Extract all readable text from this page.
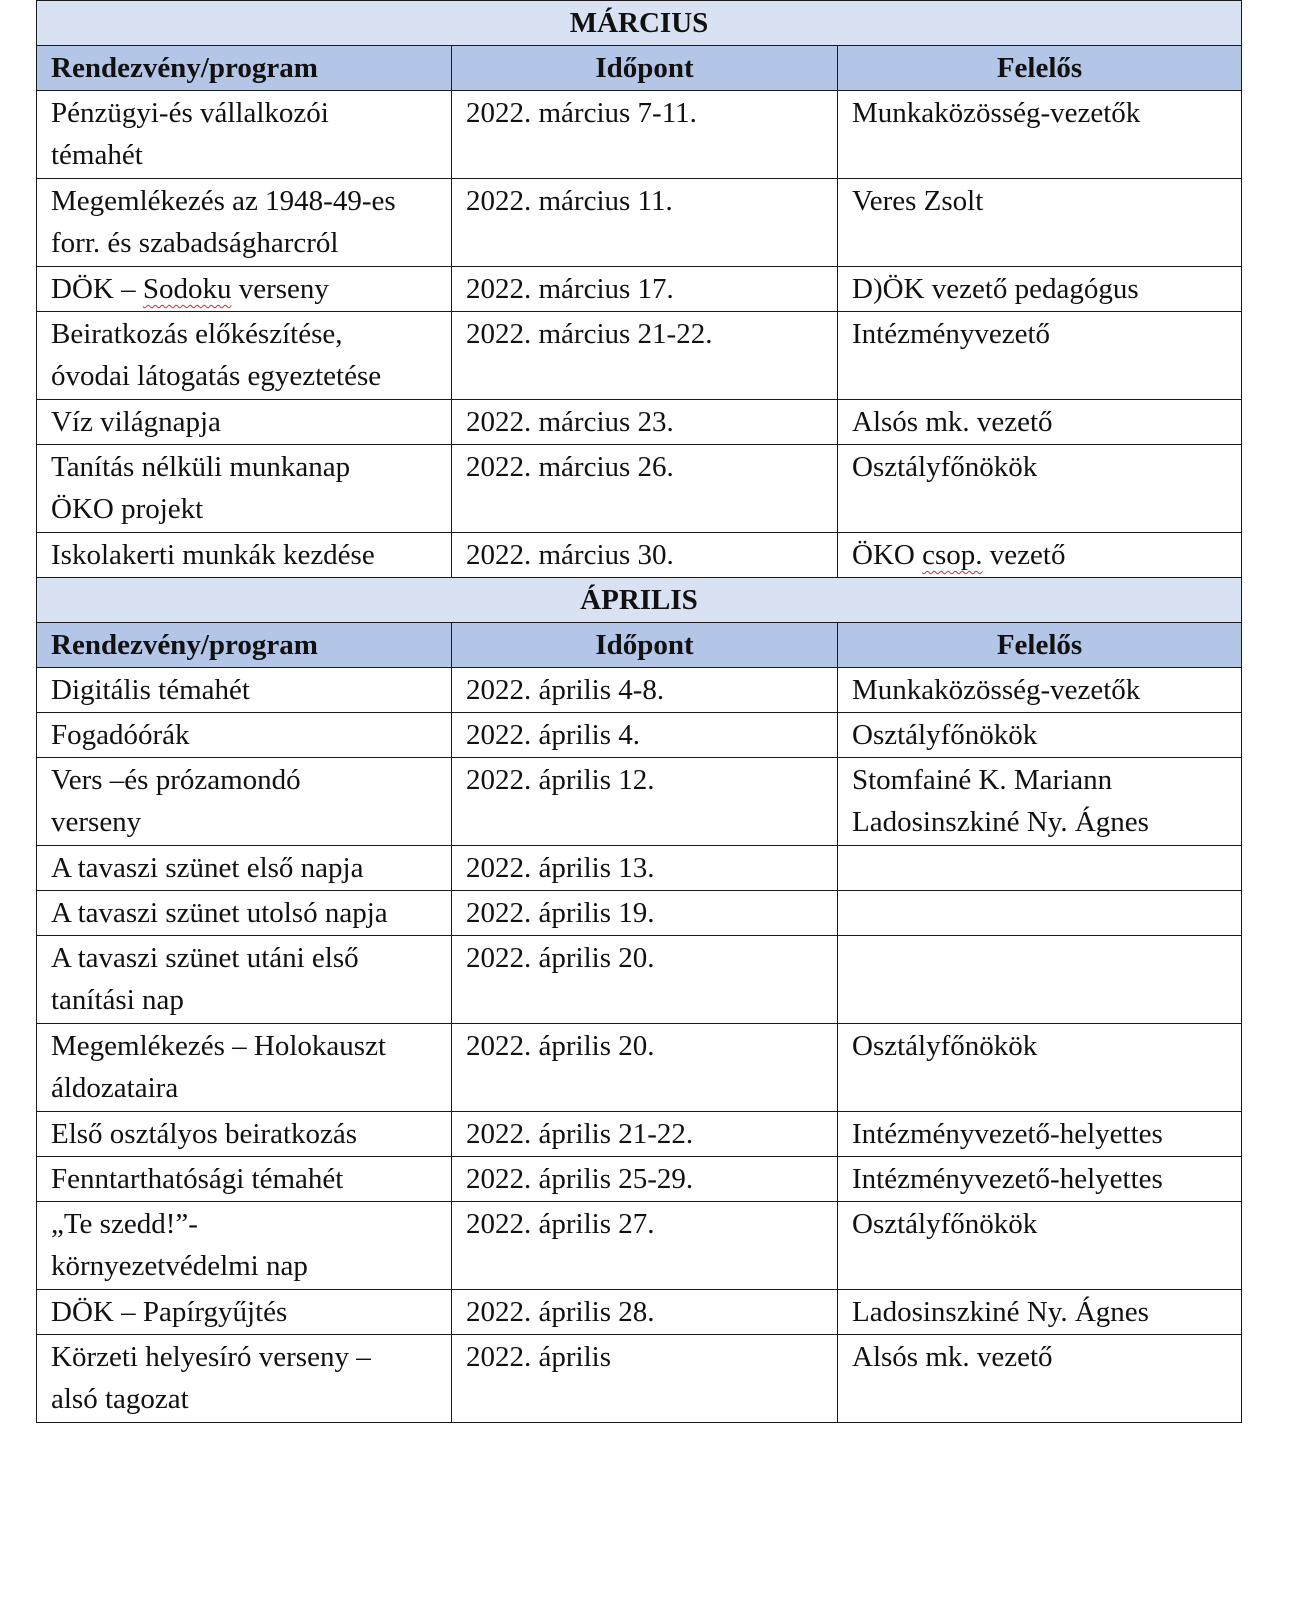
MÁRCIUS		
Rendezvény/program	Időpont	Felelős
Pénzügyi-és vállalkozói
témahét	2022. március 7-11.	Munkaközösség-vezetők
Megemlékezés az 1948-49-es
forr. és szabadságharcról	2022. március 11.	Veres Zsolt
DÖK – Sodoku verseny	2022. március 17.	D)ÖK vezető pedagógus
Beiratkozás előkészítése,
óvodai látogatás egyeztetése	2022. március 21-22.	Intézményvezető
Víz világnapja	2022. március 23.	Alsós mk. vezető
Tanítás nélküli munkanap
ÖKO projekt	2022. március 26.	Osztályfőnökök
Iskolakerti munkák kezdése	2022. március 30.	ÖKO csop. vezető
ÁPRILIS		
Rendezvény/program	Időpont	Felelős
Digitális témahét	2022. április 4-8.	Munkaközösség-vezetők
Fogadóórák	2022. április 4.	Osztályfőnökök
Vers –és prózamondó
verseny	2022. április 12.	Stomfainé K. Mariann
Ladosinszkiné Ny. Ágnes
A tavaszi szünet első napja	2022. április 13.	
A tavaszi szünet utolsó napja	2022. április 19.	
A tavaszi szünet utáni első
tanítási nap	2022. április 20.	
Megemlékezés – Holokauszt
áldozataira	2022. április 20.	Osztályfőnökök
Első osztályos beiratkozás	2022. április 21-22.	Intézményvezető-helyettes
Fenntarthatósági témahét	2022. április 25-29.	Intézményvezető-helyettes
„Te szedd!”-
környezetvédelmi nap	2022. április 27.	Osztályfőnökök
DÖK – Papírgyűjtés	2022. április 28.	Ladosinszkiné Ny. Ágnes
Körzeti helyesíró verseny –
alsó tagozat	2022. április	Alsós mk. vezető
